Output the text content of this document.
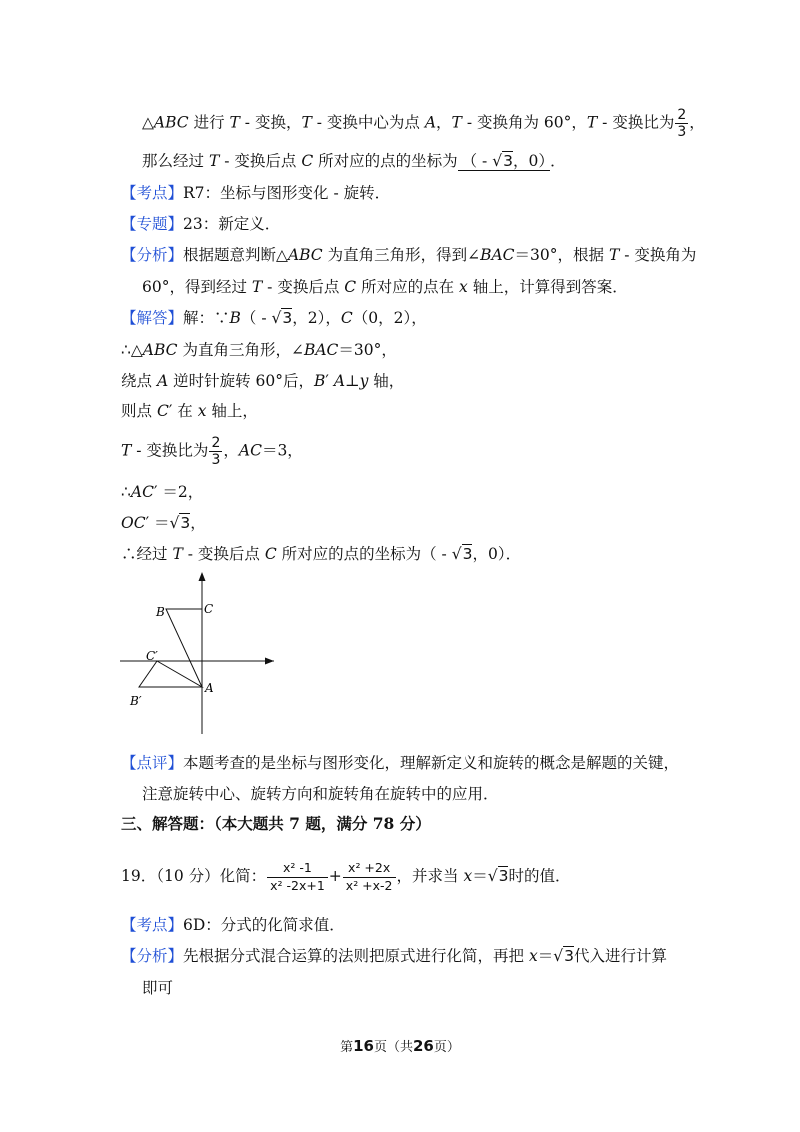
△ABC 进行 T ‐ 变换，T ‐ 变换中心为点 A，T ‐ 变换角为 60°，T ‐ 变换比为 $\frac{2}{3}$ ，
那么经过 T ‐ 变换后点 C 所对应的点的坐标为 （ ‐ √3，0） ．
【考点】R7：坐标与图形变化 ‐ 旋转．
【专题】23：新定义．
【分析】根据题意判断△ABC 为直角三角形，得到∠BAC＝30°，根据 T ‐ 变换角为
60°，得到经过 T ‐ 变换后点 C 所对应的点在 x 轴上，计算得到答案．
【解答】解：∵B（ ‐ √3，2），C（0，2），
∴△ABC 为直角三角形，∠BAC＝30°，
绕点 A 逆时针旋转 60°后，B′ A⊥y 轴，
则点 C′ 在 x 轴上，
T ‐ 变换比为 $\frac{2}{3}$ ，AC＝3，
∴AC′ ＝2，
OC′ ＝√3，
∴经过 T ‐ 变换后点 C 所对应的点的坐标为（ ‐ √3，0）．
B	C
C′
A
B′
【点评】本题考查的是坐标与图形变化，理解新定义和旋转的概念是解题的关键，
注意旋转中心、旋转方向和旋转角在旋转中的应用．
三、解答题：（本大题共 7 题，满分 78 分）
19．（10 分）化简： $\frac{\text{x² ‐1}}{\text{x² ‐2x+1}} + \frac{\text{x² +2x}}{\text{x² +x‐2}}$ ，并求当 x＝√3时的值．
【考点】6D：分式的化简求值．
【分析】先根据分式混合运算的法则把原式进行化简，再把 x＝√3代入进行计算
即可
第16页（共26页）
